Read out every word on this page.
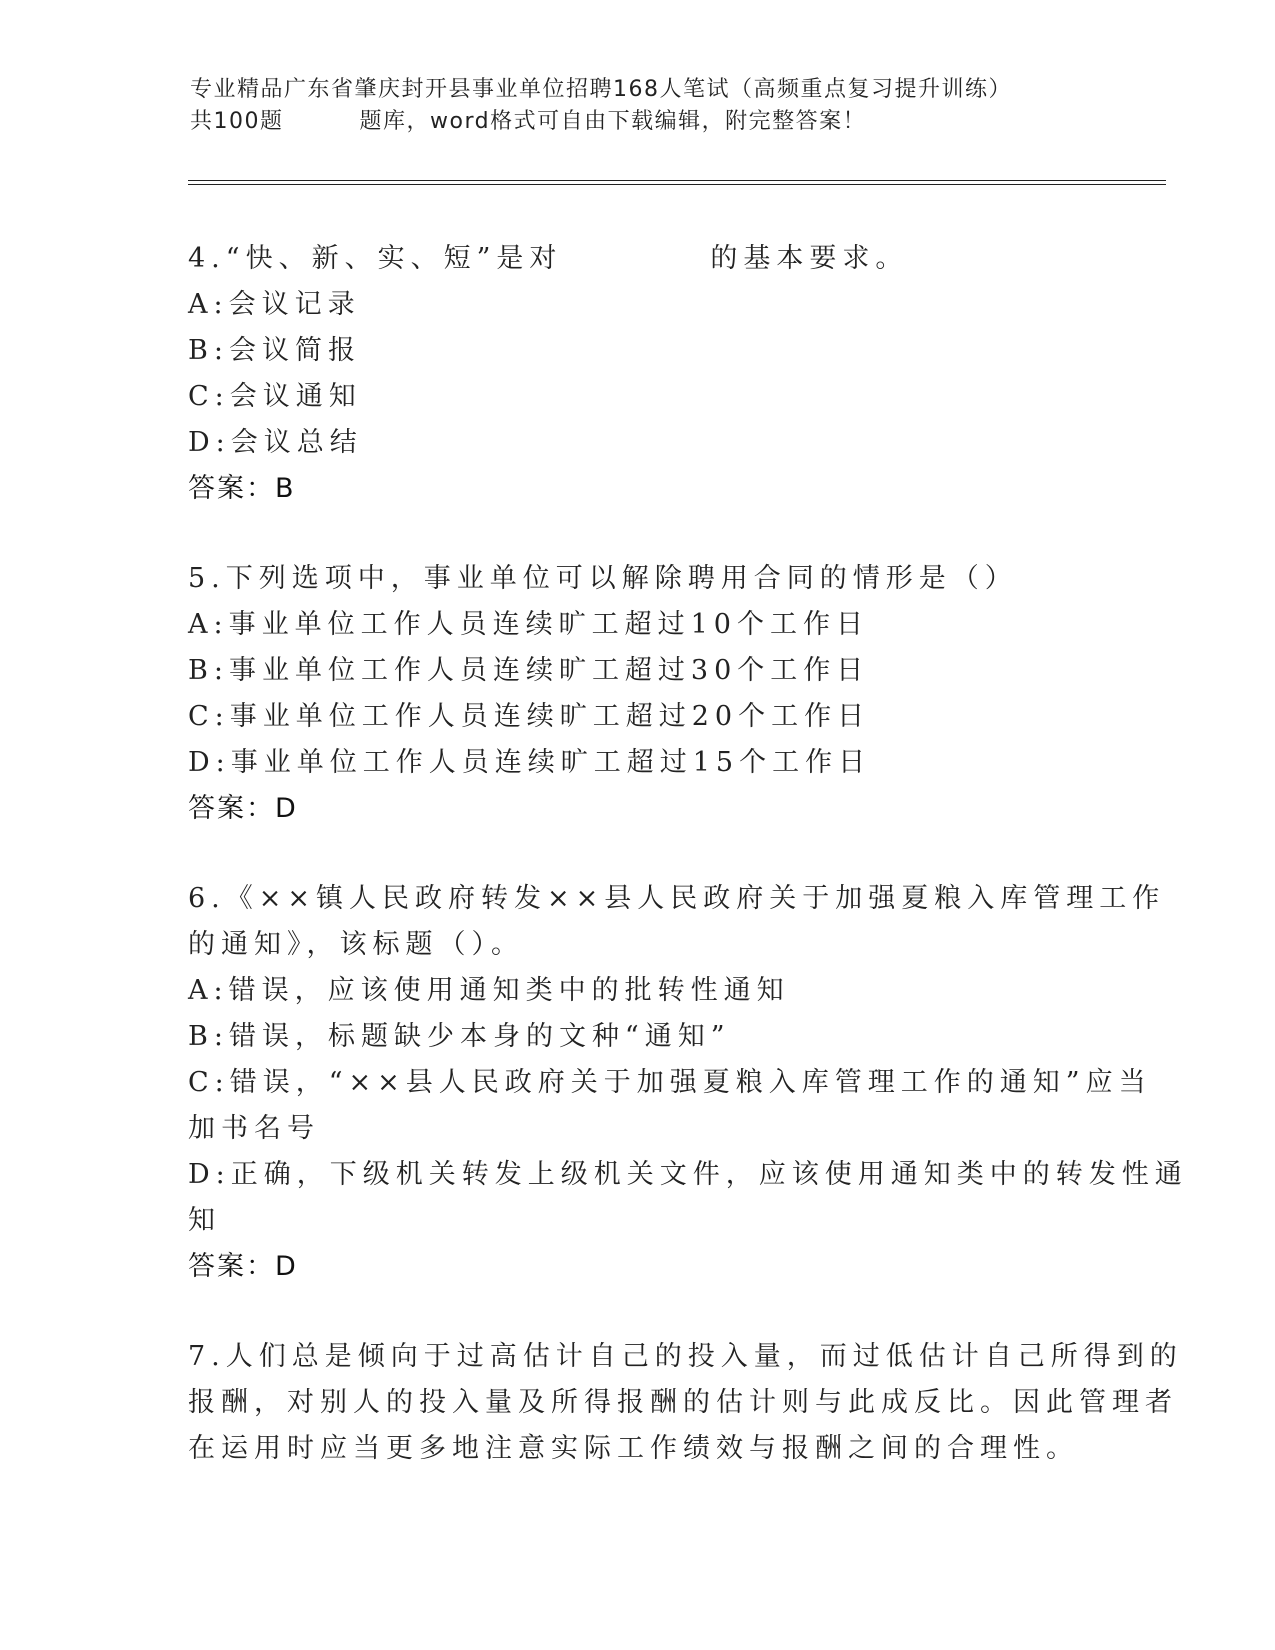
专业精品广东省肇庆封开县事业单位招聘168人笔试（高频重点复习提升训练）
共100题	题库，word格式可自由下载编辑，附完整答案！
4.“快、新、实、短”是对	的基本要求。
A:会议记录
B:会议简报
C:会议通知
D:会议总结
答案：B
5.下列选项中，事业单位可以解除聘用合同的情形是（）
A:事业单位工作人员连续旷工超过10个工作日
B:事业单位工作人员连续旷工超过30个工作日
C:事业单位工作人员连续旷工超过20个工作日
D:事业单位工作人员连续旷工超过15个工作日
答案：D
6.《××镇人民政府转发××县人民政府关于加强夏粮入库管理工作
的通知》，该标题（）。
A:错误，应该使用通知类中的批转性通知
B:错误，标题缺少本身的文种“通知”
C:错误，“××县人民政府关于加强夏粮入库管理工作的通知”应当
加书名号
D:正确，下级机关转发上级机关文件，应该使用通知类中的转发性通
知
答案：D
7.人们总是倾向于过高估计自己的投入量，而过低估计自己所得到的
报酬，对别人的投入量及所得报酬的估计则与此成反比。因此管理者
在运用时应当更多地注意实际工作绩效与报酬之间的合理性。
